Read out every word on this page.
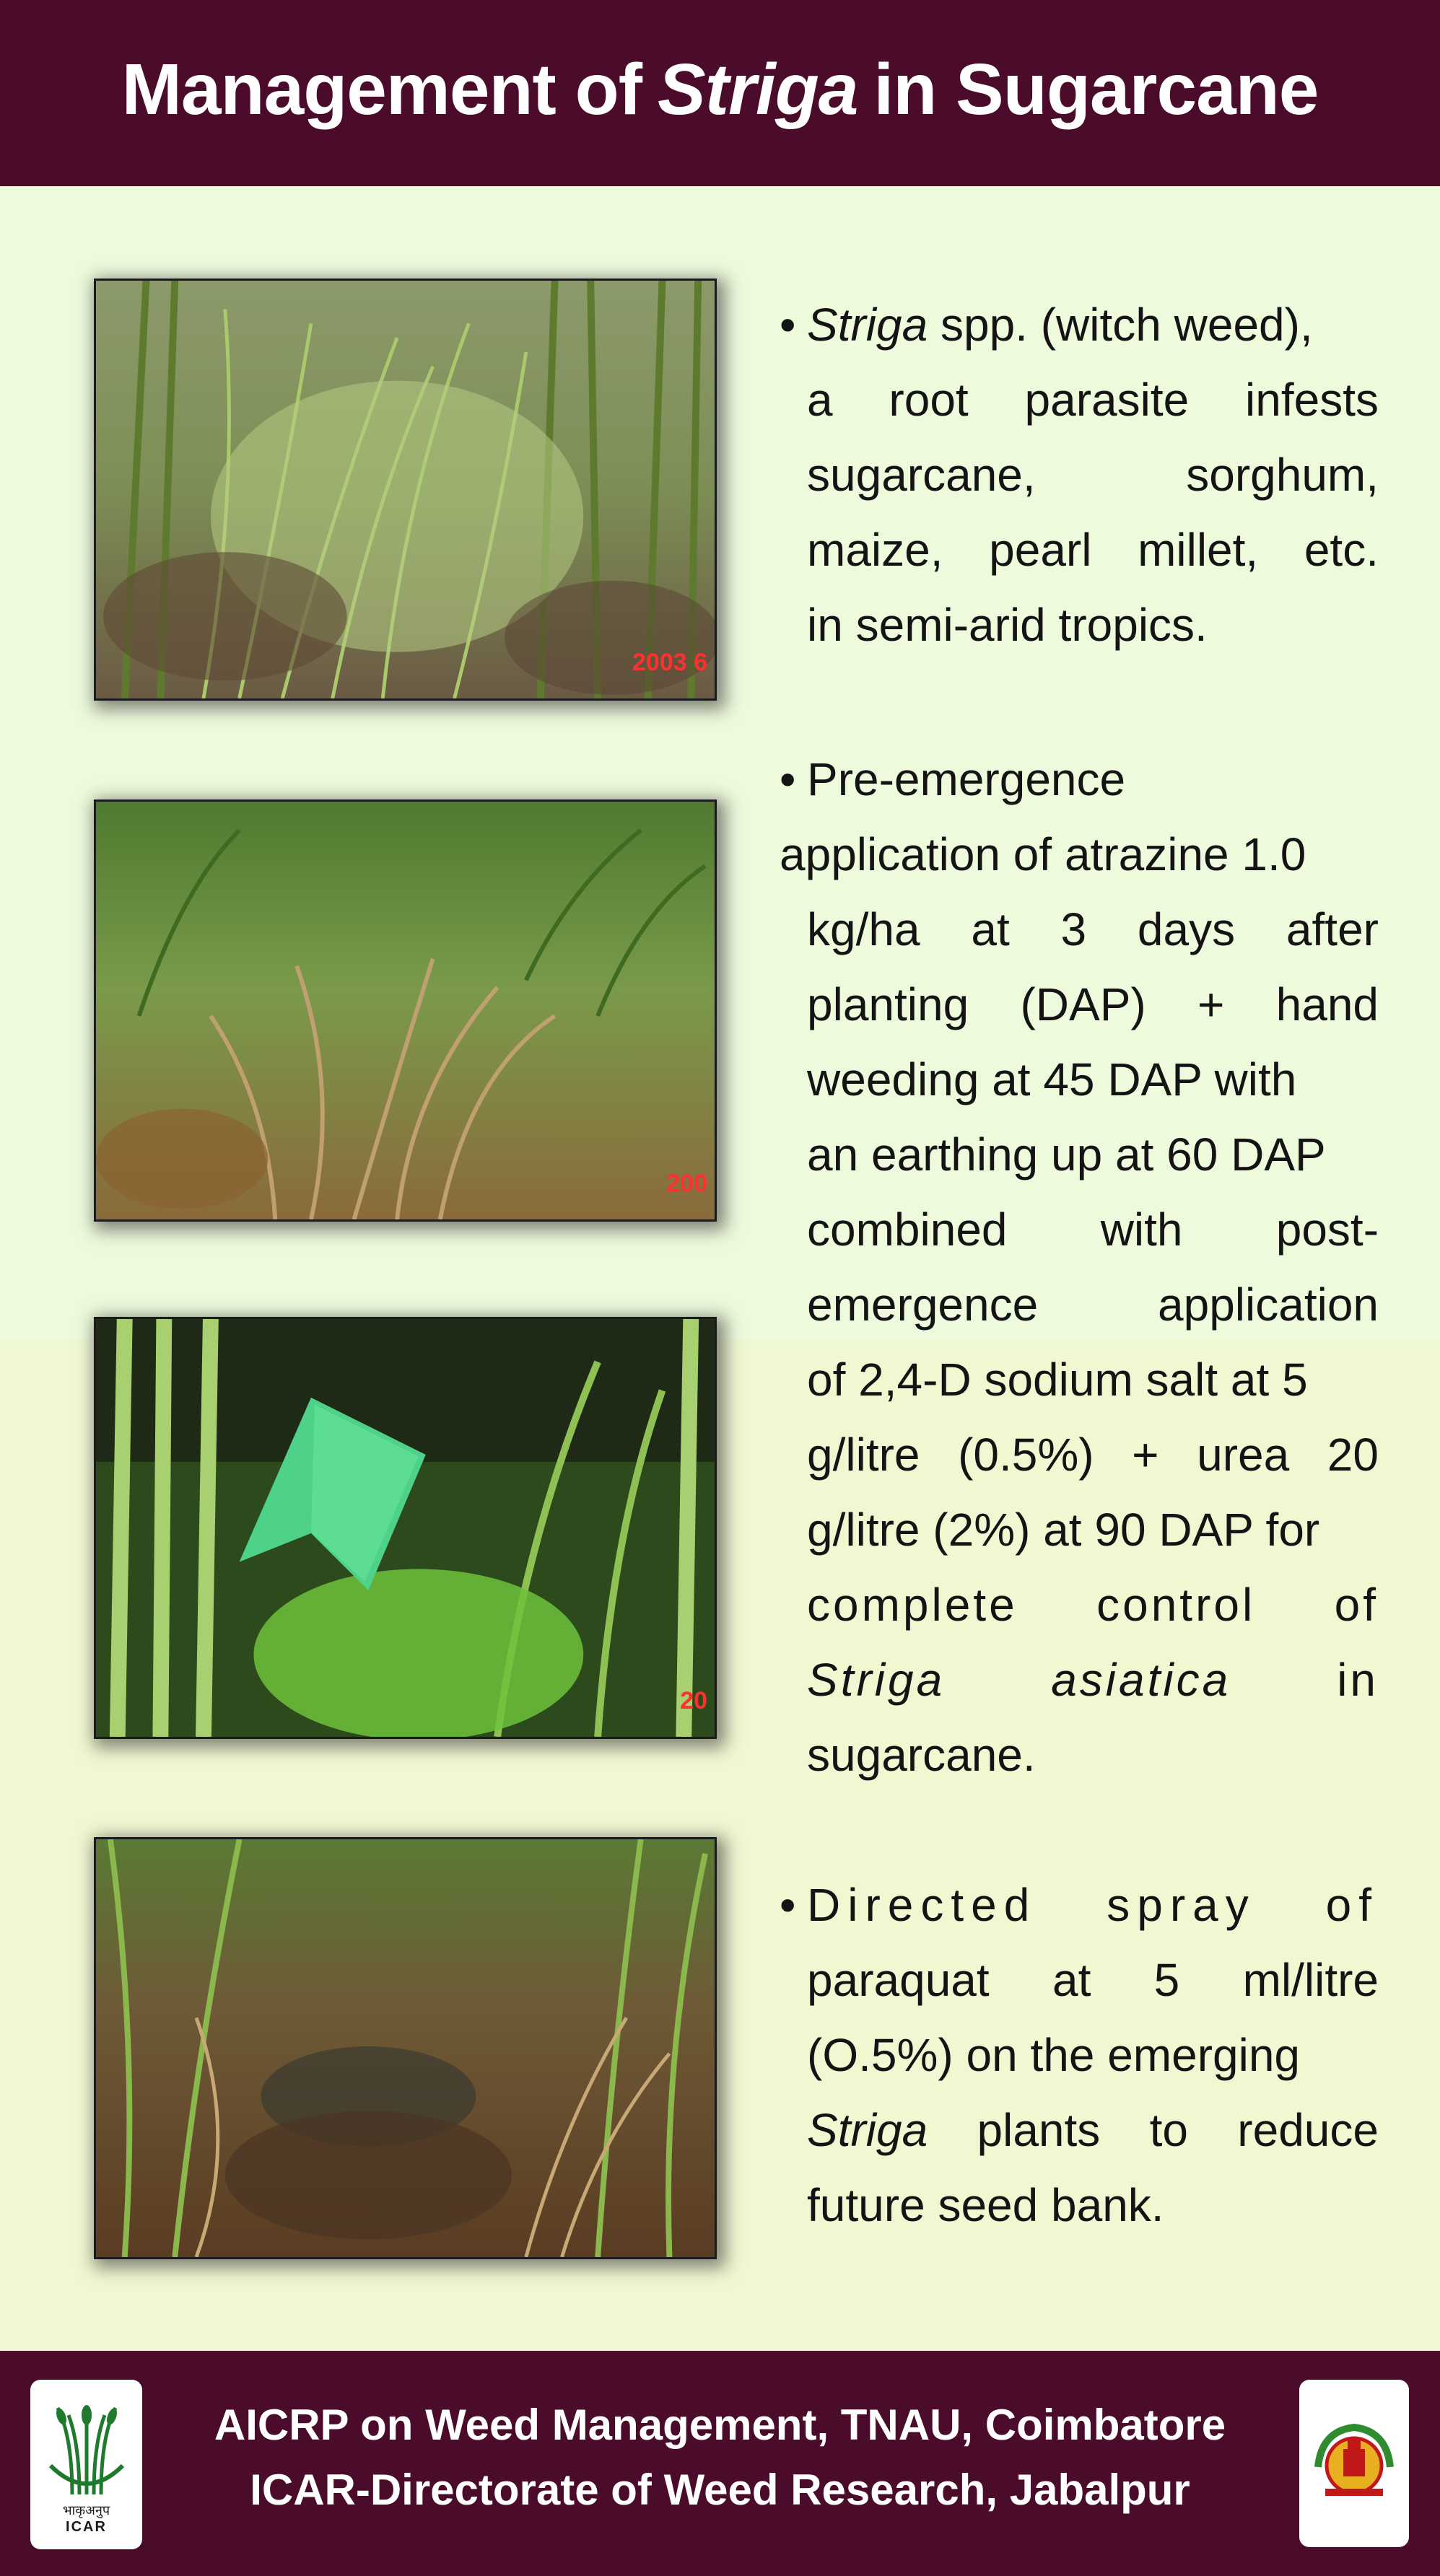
Management of Striga in Sugarcane
2003 6
200
20
• Striga spp. (witch weed),
a root parasite infests
sugarcane,	sorghum,
maize, pearl millet, etc.
in semi-arid tropics.
• Pre-emergence
application of atrazine 1.0
kg/ha at 3 days after
planting (DAP) + hand
weeding at 45 DAP with
an earthing up at 60 DAP
combined with post-
emergence	application
of 2,4-D sodium salt at 5
g/litre (0.5%) + urea 20
g/litre (2%) at 90 DAP for
complete control of
Striga asiatica in
sugarcane.
• Directed spray of
paraquat at 5 ml/litre
(O.5%) on the emerging
Striga plants to reduce
future seed bank.
भाकृअनुप
ICAR
AICRP on Weed Management, TNAU, Coimbatore
ICAR-Directorate of Weed Research, Jabalpur
